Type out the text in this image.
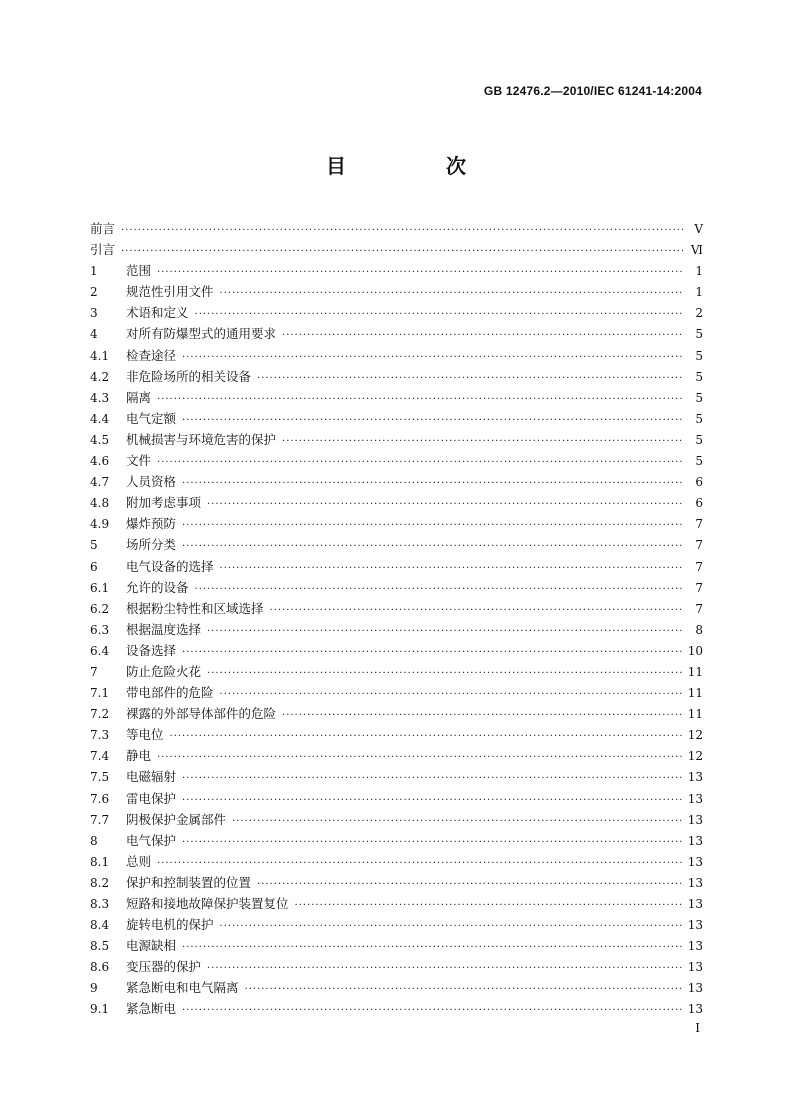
GB 12476.2—2010/IEC 61241-14:2004
目　次
前言 ·····	Ⅴ
引言 ·····	Ⅵ
1	范围 ·····	1
2	规范性引用文件 ·····	1
3	术语和定义 ·····	2
4	对所有防爆型式的通用要求 ·····	5
4.1	检查途径 ·····	5
4.2	非危险场所的相关设备 ·····	5
4.3	隔离 ·····	5
4.4	电气定额 ·····	5
4.5	机械损害与环境危害的保护 ·····	5
4.6	文件 ·····	5
4.7	人员资格 ·····	6
4.8	附加考虑事项 ·····	6
4.9	爆炸预防 ·····	7
5	场所分类 ·····	7
6	电气设备的选择 ·····	7
6.1	允许的设备 ·····	7
6.2	根据粉尘特性和区域选择 ·····	7
6.3	根据温度选择 ·····	8
6.4	设备选择 ·····	10
7	防止危险火花 ·····	11
7.1	带电部件的危险 ·····	11
7.2	裸露的外部导体部件的危险 ·····	11
7.3	等电位 ·····	12
7.4	静电 ·····	12
7.5	电磁辐射 ·····	13
7.6	雷电保护 ·····	13
7.7	阴极保护金属部件 ·····	13
8	电气保护 ·····	13
8.1	总则 ·····	13
8.2	保护和控制装置的位置 ·····	13
8.3	短路和接地故障保护装置复位 ·····	13
8.4	旋转电机的保护 ·····	13
8.5	电源缺相 ·····	13
8.6	变压器的保护 ·····	13
9	紧急断电和电气隔离 ·····	13
9.1	紧急断电 ·····	13
Ⅰ
